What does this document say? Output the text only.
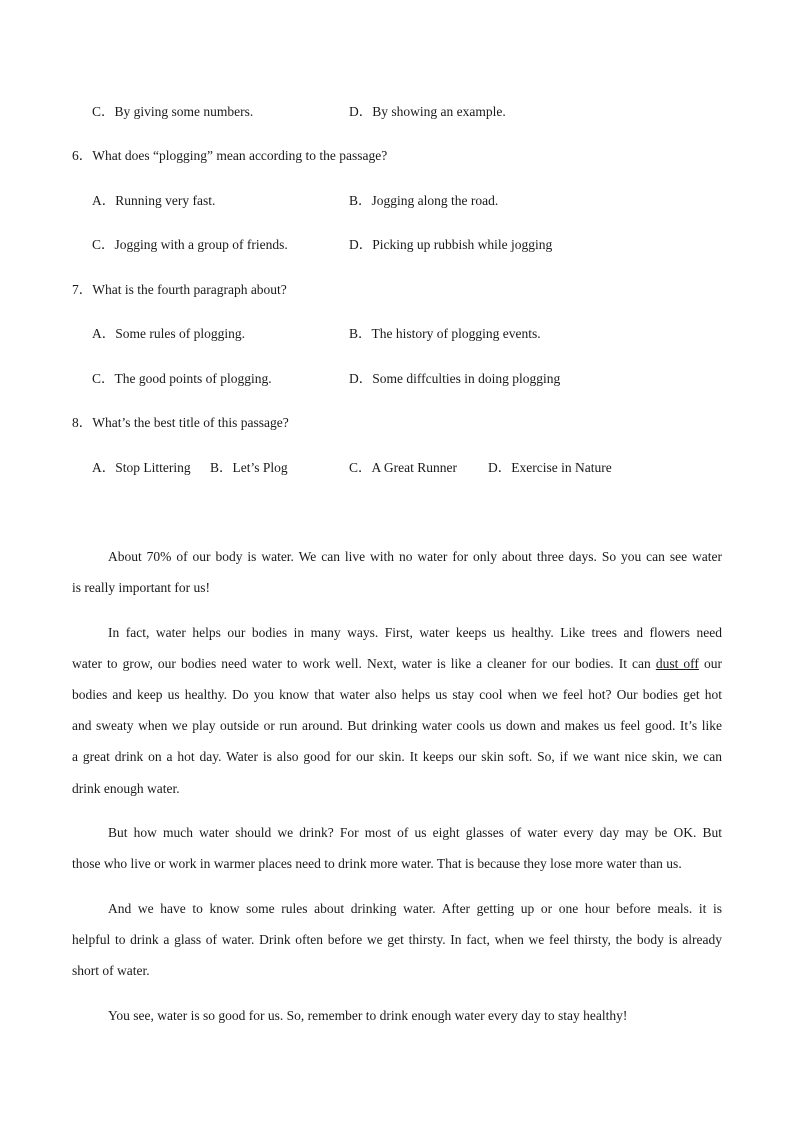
C．By giving some numbers.	D．By showing an example.
6．What does “plogging” mean according to the passage?
A．Running very fast.	B．Jogging along the road.
C．Jogging with a group of friends.	D．Picking up rubbish while jogging
7．What is the fourth paragraph about?
A．Some rules of plogging.	B．The history of plogging events.
C．The good points of plogging.	D．Some diffculties in doing plogging
8．What’s the best title of this passage?
A．Stop Littering B．Let’s Plog	C．A Great Runner D．Exercise in Nature
About 70% of our body is water. We can live with no water for only about three days. So you can see water
is really important for us!
In fact, water helps our bodies in many ways. First, water keeps us healthy. Like trees and flowers need
water to grow, our bodies need water to work well. Next, water is like a cleaner for our bodies. It can dust off our
bodies and keep us healthy. Do you know that water also helps us stay cool when we feel hot? Our bodies get hot
and sweaty when we play outside or run around. But drinking water cools us down and makes us feel good. It’s like
a great drink on a hot day. Water is also good for our skin. It keeps our skin soft. So, if we want nice skin, we can
drink enough water.
But how much water should we drink? For most of us eight glasses of water every day may be OK. But
those who live or work in warmer places need to drink more water. That is because they lose more water than us.
And we have to know some rules about drinking water. After getting up or one hour before meals. it is
helpful to drink a glass of water. Drink often before we get thirsty. In fact, when we feel thirsty, the body is already
short of water.
You see, water is so good for us. So, remember to drink enough water every day to stay healthy!
